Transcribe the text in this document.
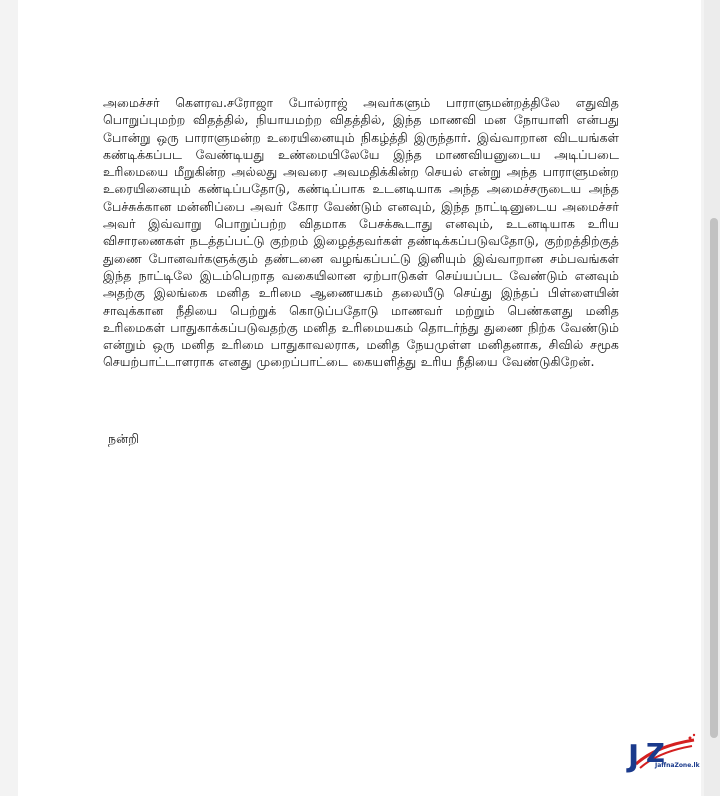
அமைச்சர் கௌரவ.சரோஜா போல்ராஜ் அவர்களும் பாராளுமன்றத்திலே எதுவித பொறுப்புமற்ற விதத்தில், நியாயமற்ற விதத்தில், இந்த மாணவி மன நோயாளி என்பது போன்று ஒரு பாராளுமன்ற உரையினையும் நிகழ்த்தி இருந்தார். இவ்வாறான விடயங்கள் கண்டிக்கப்பட வேண்டியது உண்மையிலேயே இந்த மாணவியனுடைய அடிப்படை உரிமையை மீறுகின்ற அல்லது அவரை அவமதிக்கின்ற செயல் என்று அந்த பாராளுமன்ற உரையினையும் கண்டிப்பதோடு, கண்டிப்பாக உடனடியாக அந்த அமைச்சருடைய அந்த பேச்சுக்கான மன்னிப்பை அவர் கோர வேண்டும் எனவும், இந்த நாட்டினுடைய அமைச்சர் அவர் இவ்வாறு பொறுப்பற்ற விதமாக பேசக்கூடாது எனவும், உடனடியாக உரிய விசாரணைகள் நடத்தப்பட்டு குற்றம் இழைத்தவர்கள் தண்டிக்கப்படுவதோடு, குற்றத்திற்குத் துணை போனவர்களுக்கும் தண்டனை வழங்கப்பட்டு இனியும் இவ்வாறான சம்பவங்கள் இந்த நாட்டிலே இடம்பெறாத வகையிலான ஏற்பாடுகள் செய்யப்பட வேண்டும் எனவும் அதற்கு இலங்கை மனித உரிமை ஆணையகம் தலையீடு செய்து இந்தப் பிள்ளையின் சாவுக்கான நீதியை பெற்றுக் கொடுப்பதோடு மாணவர் மற்றும் பெண்களது மனித உரிமைகள் பாதுகாக்கப்படுவதற்கு மனித உரிமையகம் தொடர்ந்து துணை நிற்க வேண்டும் என்றும் ஒரு மனித உரிமை பாதுகாவலராக, மனித நேயமுள்ள மனிதனாக, சிவில் சமூக செயற்பாட்டாளராக எனது முறைப்பாட்டை கையளித்து உரிய நீதியை வேண்டுகிறேன்.

நன்றி

J Z
JaffnaZone.lk
